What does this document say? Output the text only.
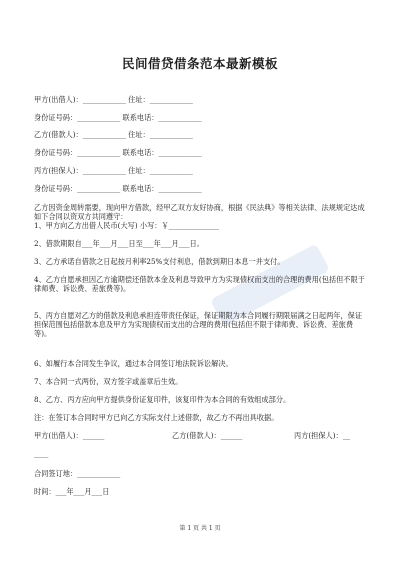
民间借贷借条范本最新模板
甲方(出借人)：____________ 住址：____________
身份证号码：____________ 联系电话：____________
乙方(借款人)：____________ 住址：____________
身份证号码：____________ 联系电话：____________
丙方(担保人)：____________ 住址：____________
身份证号码：____________ 联系电话：____________
乙方因资金周转需要，现向甲方借款，经甲乙双方友好协商，根据《民法典》等相关法律、法规规定达成如下合同以资双方共同遵守：
1、甲方向乙方出借人民币(大写) 小写：￥______________
2、借款期限自___年___月___日至___年___月___日。
3、乙方承诺自借款之日起按月利率25%支付利息，借款到期日本息一并支付。
4、乙方自愿承担因乙方逾期偿还借款本金及利息导致甲方为实现债权而支出的合理的费用(包括但不限于律师费、诉讼费、差旅费等)。
5、丙方自愿对乙方的借款及利息承担连带责任保证，保证期限为本合同履行期限届满之日起两年，保证担保范围包括借款本息及甲方为实现债权而支出的合理的费用(包括但不限于律师费、诉讼费、差旅费等)。
6、如履行本合同发生争议，通过本合同签订地法院诉讼解决。
7、本合同一式两份，双方签字或盖章后生效。
8、乙方、丙方应向甲方提供身份证复印件，该复印件为本合同的有效组成部分。
注：在签订本合同时甲方已向乙方实际支付上述借款，故乙方不再出具收据。
甲方(出借人)：______	乙方(借款人)：______	丙方(担保人)：__
____
合同签订地：____________
时间：___年___月___日
第 1 页 共 1 页
